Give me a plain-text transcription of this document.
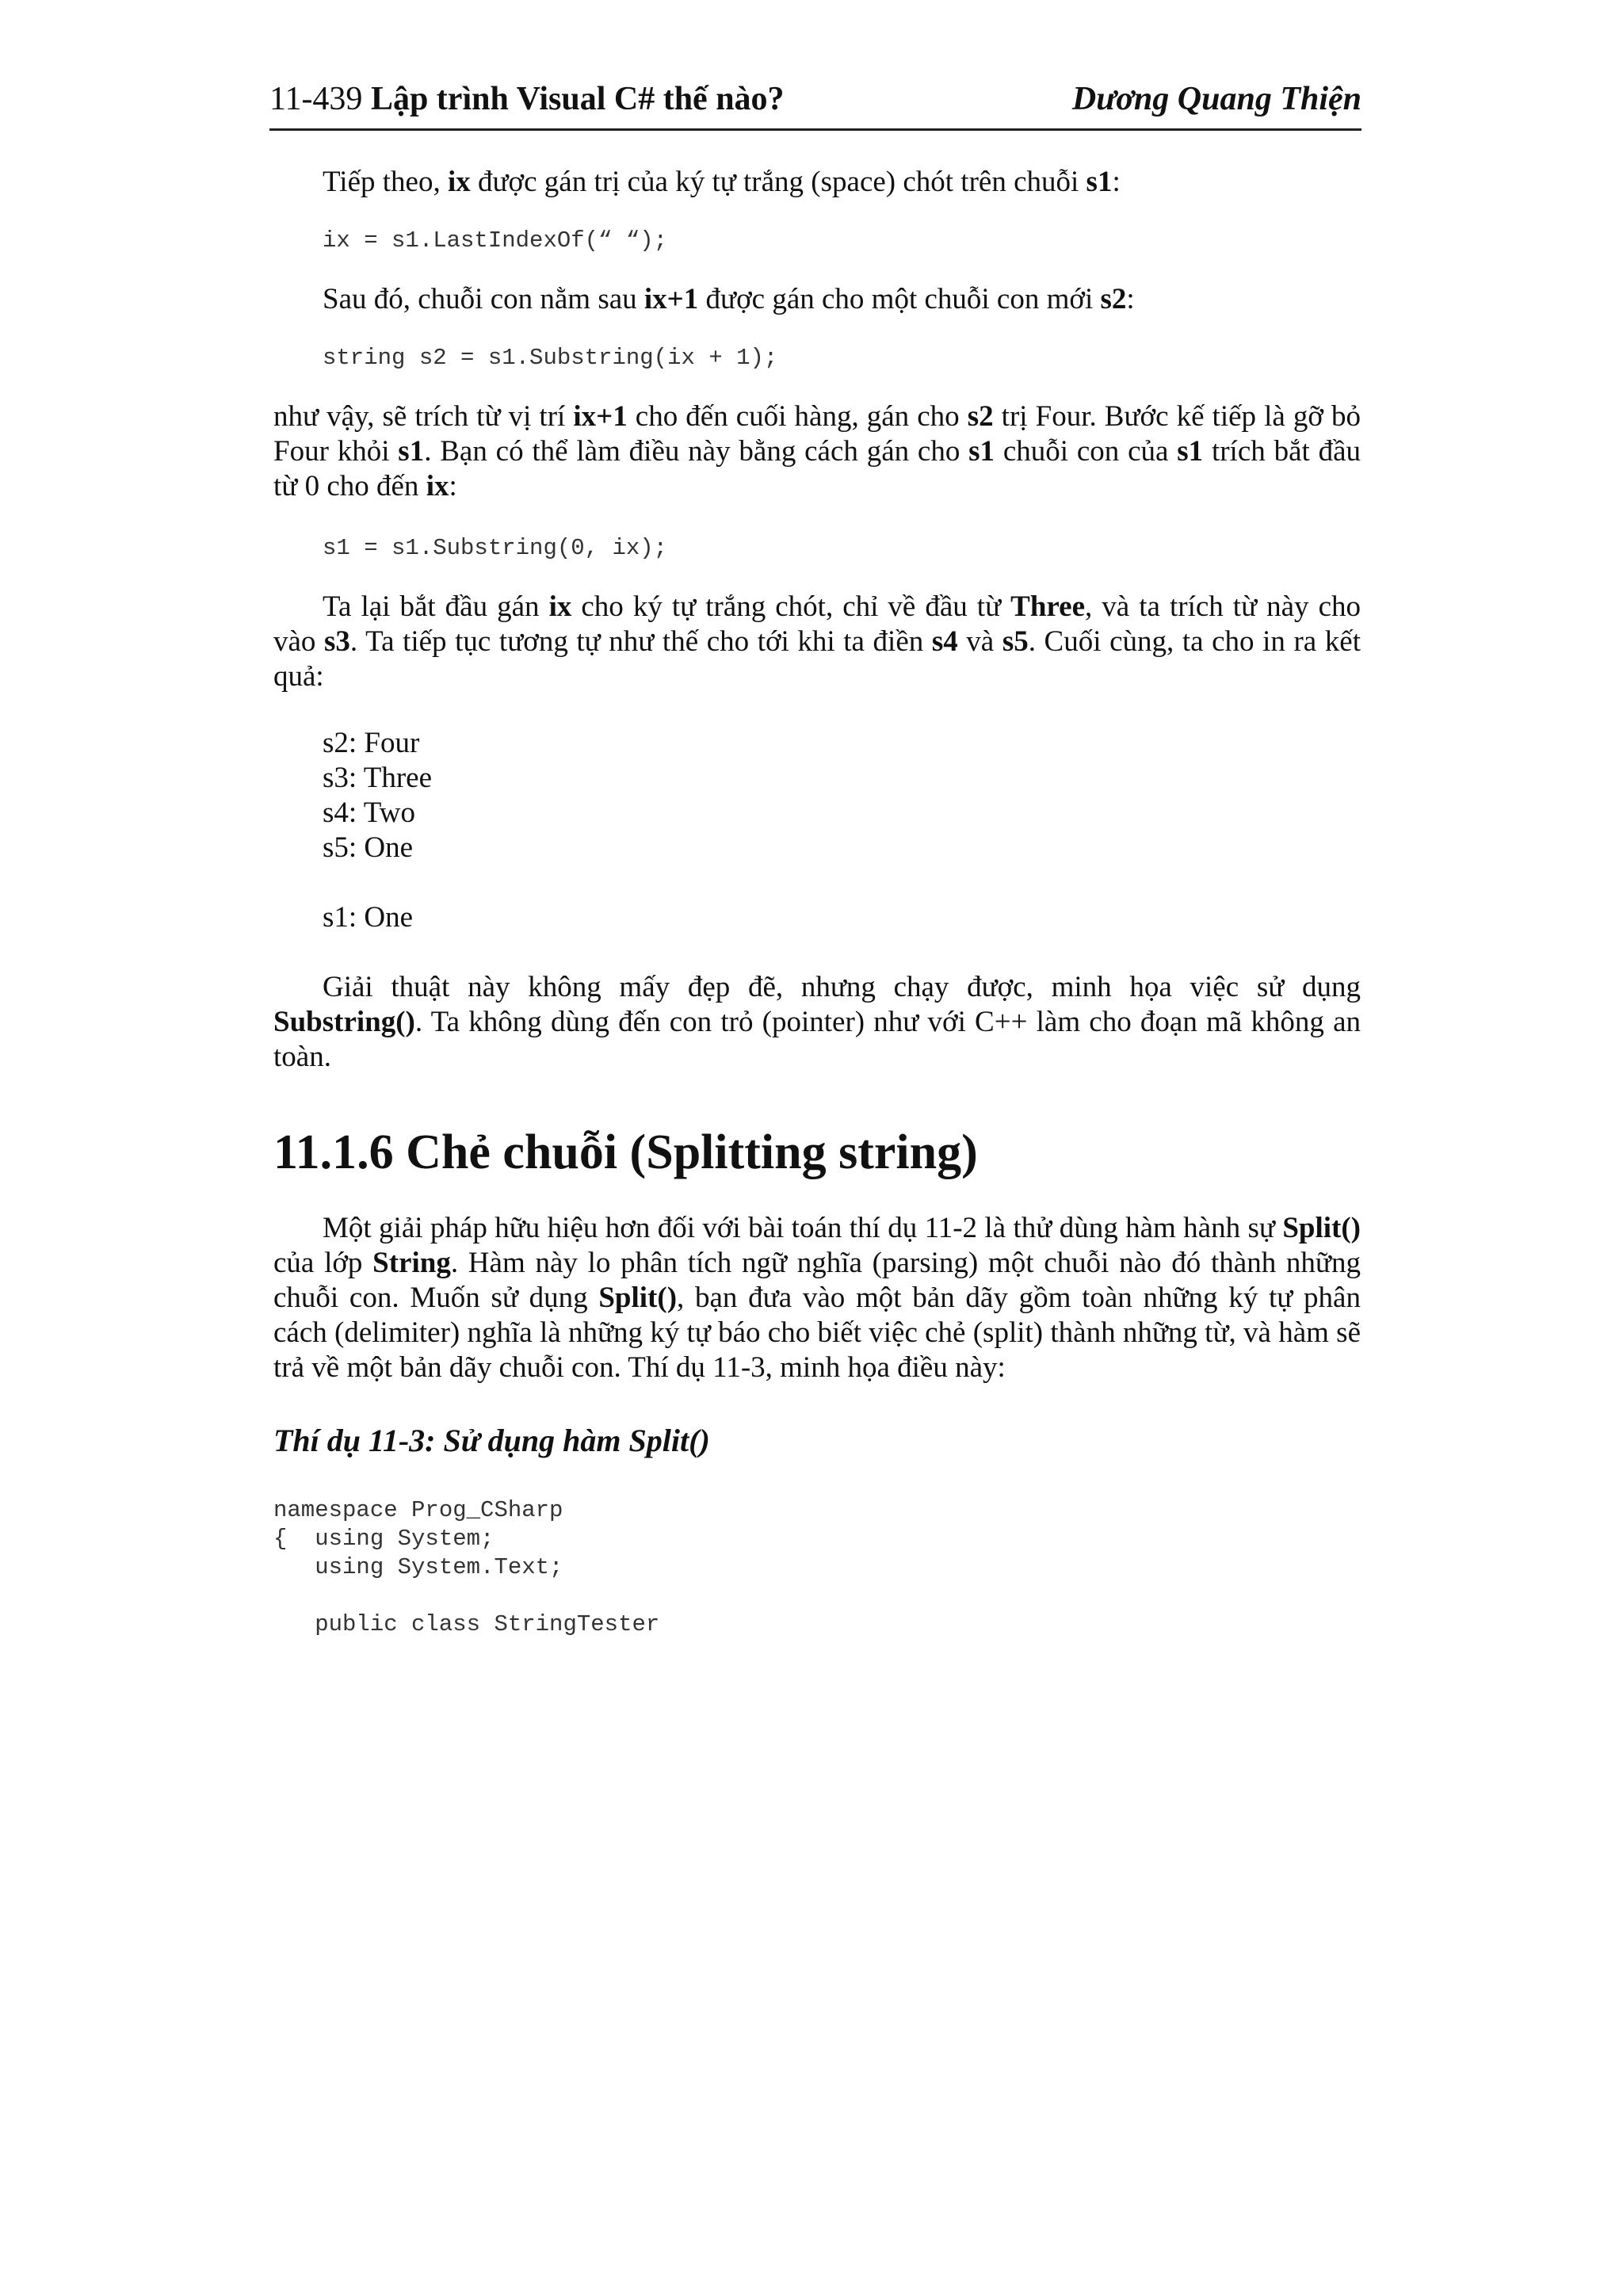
11-439 Lập trình Visual C# thế nào?	Dương Quang Thiện

Tiếp theo, ix được gán trị của ký tự trắng (space) chót trên chuỗi s1:

ix = s1.LastIndexOf(“ “);

Sau đó, chuỗi con nằm sau ix+1 được gán cho một chuỗi con mới s2:

string s2 = s1.Substring(ix + 1);

như vậy, sẽ trích từ vị trí ix+1 cho đến cuối hàng, gán cho s2 trị Four. Bước kế tiếp là gỡ bỏ Four khỏi s1. Bạn có thể làm điều này bằng cách gán cho s1 chuỗi con của s1 trích bắt đầu từ 0 cho đến ix:

s1 = s1.Substring(0, ix);

Ta lại bắt đầu gán ix cho ký tự trắng chót, chỉ về đầu từ Three, và ta trích từ này cho vào s3. Ta tiếp tục tương tự như thế cho tới khi ta điền s4 và s5. Cuối cùng, ta cho in ra kết quả:

s2: Four
s3: Three
s4: Two
s5: One
s1: One

Giải thuật này không mấy đẹp đẽ, nhưng chạy được, minh họa việc sử dụng Substring(). Ta không dùng đến con trỏ (pointer) như với C++ làm cho đoạn mã không an toàn.

11.1.6 Chẻ chuỗi (Splitting string)

Một giải pháp hữu hiệu hơn đối với bài toán thí dụ 11-2 là thử dùng hàm hành sự Split() của lớp String. Hàm này lo phân tích ngữ nghĩa (parsing) một chuỗi nào đó thành những chuỗi con. Muốn sử dụng Split(), bạn đưa vào một bản dãy gồm toàn những ký tự phân cách (delimiter) nghĩa là những ký tự báo cho biết việc chẻ (split) thành những từ, và hàm sẽ trả về một bản dãy chuỗi con. Thí dụ 11-3, minh họa điều này:

Thí dụ 11-3: Sử dụng hàm Split()
namespace Prog_CSharp
{  using System;
using System.Text;
public class StringTester
